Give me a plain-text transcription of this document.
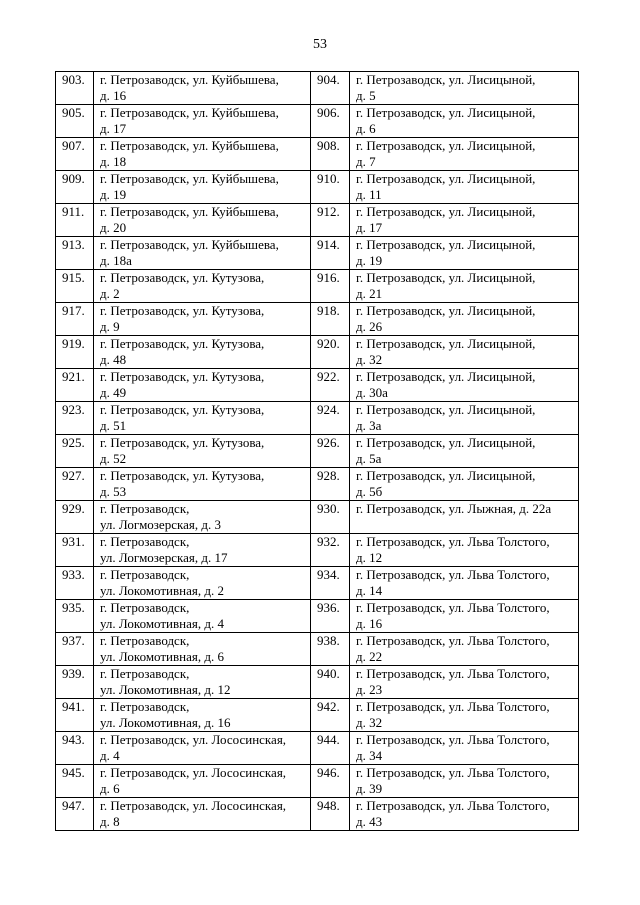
53
903.	г. Петрозаводск, ул. Куйбышева,
д. 16	904.	г. Петрозаводск, ул. Лисицыной,
д. 5

905.	г. Петрозаводск, ул. Куйбышева,
д. 17	906.	г. Петрозаводск, ул. Лисицыной,
д. 6

907.	г. Петрозаводск, ул. Куйбышева,
д. 18	908.	г. Петрозаводск, ул. Лисицыной,
д. 7

909.	г. Петрозаводск, ул. Куйбышева,
д. 19	910.	г. Петрозаводск, ул. Лисицыной,
д. 11

911.	г. Петрозаводск, ул. Куйбышева,
д. 20	912.	г. Петрозаводск, ул. Лисицыной,
д. 17

913.	г. Петрозаводск, ул. Куйбышева,
д. 18а	914.	г. Петрозаводск, ул. Лисицыной,
д. 19

915.	г. Петрозаводск, ул. Кутузова,
д. 2	916.	г. Петрозаводск, ул. Лисицыной,
д. 21

917.	г. Петрозаводск, ул. Кутузова,
д. 9	918.	г. Петрозаводск, ул. Лисицыной,
д. 26

919.	г. Петрозаводск, ул. Кутузова,
д. 48	920.	г. Петрозаводск, ул. Лисицыной,
д. 32

921.	г. Петрозаводск, ул. Кутузова,
д. 49	922.	г. Петрозаводск, ул. Лисицыной,
д. 30а

923.	г. Петрозаводск, ул. Кутузова,
д. 51	924.	г. Петрозаводск, ул. Лисицыной,
д. 3а

925.	г. Петрозаводск, ул. Кутузова,
д. 52	926.	г. Петрозаводск, ул. Лисицыной,
д. 5а

927.	г. Петрозаводск, ул. Кутузова,
д. 53	928.	г. Петрозаводск, ул. Лисицыной,
д. 5б

929.	г. Петрозаводск,
ул. Логмозерская, д. 3	930.	г. Петрозаводск, ул. Лыжная, д. 22а

931.	г. Петрозаводск,
ул. Логмозерская, д. 17	932.	г. Петрозаводск, ул. Льва Толстого,
д. 12

933.	г. Петрозаводск,
ул. Локомотивная, д. 2	934.	г. Петрозаводск, ул. Льва Толстого,
д. 14

935.	г. Петрозаводск,
ул. Локомотивная, д. 4	936.	г. Петрозаводск, ул. Льва Толстого,
д. 16

937.	г. Петрозаводск,
ул. Локомотивная, д. 6	938.	г. Петрозаводск, ул. Льва Толстого,
д. 22

939.	г. Петрозаводск,
ул. Локомотивная, д. 12	940.	г. Петрозаводск, ул. Льва Толстого,
д. 23

941.	г. Петрозаводск,
ул. Локомотивная, д. 16	942.	г. Петрозаводск, ул. Льва Толстого,
д. 32

943.	г. Петрозаводск, ул. Лососинская,
д. 4	944.	г. Петрозаводск, ул. Льва Толстого,
д. 34

945.	г. Петрозаводск, ул. Лососинская,
д. 6	946.	г. Петрозаводск, ул. Льва Толстого,
д. 39

947.	г. Петрозаводск, ул. Лососинская,
д. 8	948.	г. Петрозаводск, ул. Льва Толстого,
д. 43
